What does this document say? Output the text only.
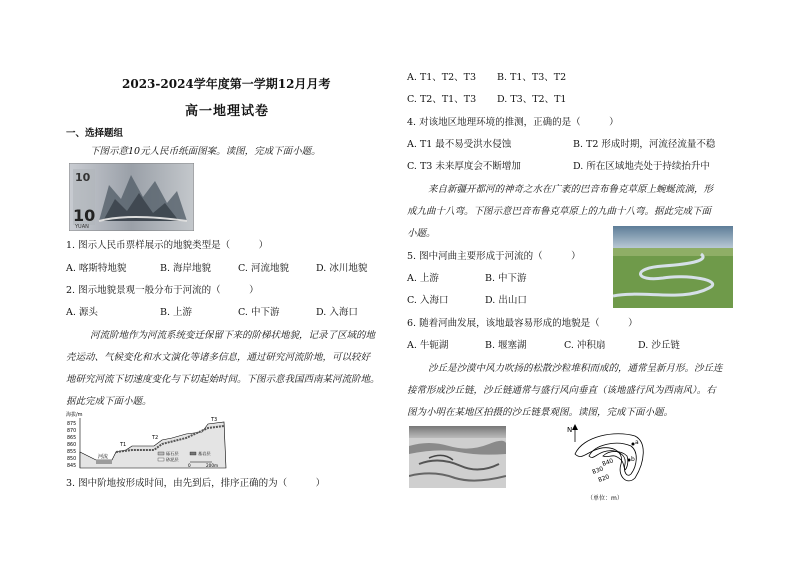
2023-2024学年度第一学期12月月考
高一地理试卷
一、选择题组
下图示意10元人民币纸面图案。读图，完成下面小题。
10
10
YUAN
1. 图示人民币票样展示的地貌类型是（　　　）
A. 喀斯特地貌	B. 海岸地貌	C. 河流地貌	D. 冰川地貌
2. 图示地貌景观一般分布于河流的（　　　）
A. 源头	B. 上游	C. 中下游	D. 入海口
河流阶地作为河流系统变迁保留下来的阶梯状地貌，记录了区域的地
壳运动、气候变化和水文演化等诸多信息，通过研究河流阶地，可以较好
地研究河流下切速度变化与下切起始时间。下图示意我国西南某河流阶地。
据此完成下面小题。
海拔/m
875
870
865
860
855
850
845
河流
T1
T2
T3
砾石层	基岩层
砂泥层
0	200m
3. 图中阶地按形成时间，由先到后，排序正确的为（　　　）
A. T1、T2、T3 B. T1、T3、T2
C. T2、T1、T3 D. T3、T2、T1
4. 对该地区地理环境的推测，正确的是（　　　）
A. T1 最不易受洪水侵蚀	B. T2 形成时期，河流径流量不稳
C. T3 未来厚度会不断增加	D. 所在区域地壳处于持续抬升中
来自新疆开都河的神奇之水在广袤的巴音布鲁克草原上蜿蜒流淌，形
成九曲十八弯。下图示意巴音布鲁克草原上的九曲十八弯。据此完成下面
小题。
5. 图中河曲主要形成于河流的（　　　）
A. 上游	B. 中下游
C. 入海口	D. 出山口
6. 随着河曲发展，该地最容易形成的地貌是（　　　）
A. 牛轭湖	B. 堰塞湖	C. 冲积扇	D. 沙丘链
沙丘是沙漠中风力吹扬的松散沙粒堆积而成的，通常呈新月形。沙丘连
接常形成沙丘链，沙丘链通常与盛行风向垂直（该地盛行风为西南风）。右
图为小明在某地区拍摄的沙丘链景观图。读图，完成下面小题。
N
840
830
820
a
b
（单位：m）
